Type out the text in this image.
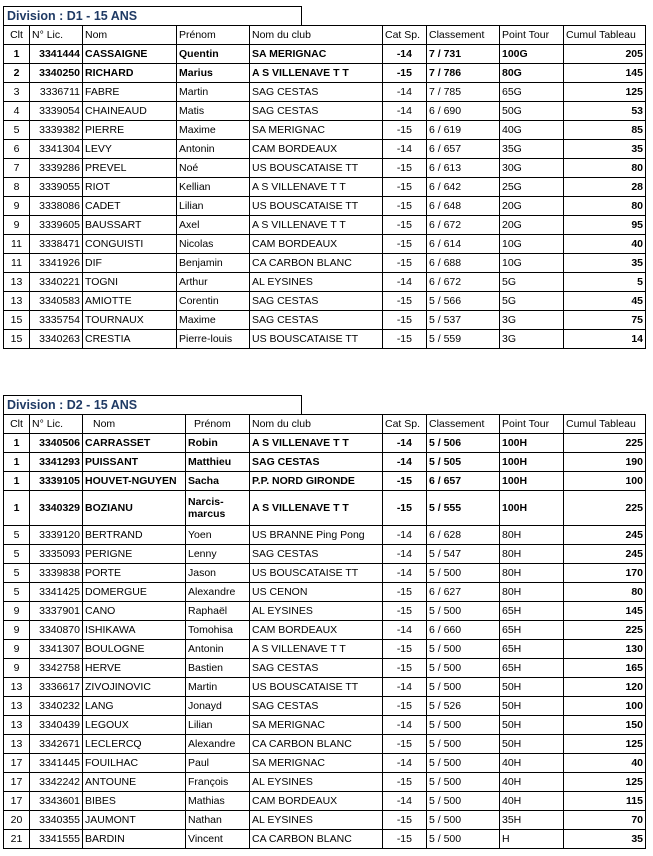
Division : D1 - 15 ANS
Clt	N° Lic.	Nom	Prénom	Nom du club	Cat Sp.	Classement	Point Tour	Cumul Tableau
1	3341444	CASSAIGNE	Quentin	SA MERIGNAC	-14	7 / 731	100G	205
2	3340250	RICHARD	Marius	A S VILLENAVE T T	-15	7 / 786	80G	145
3	3336711	FABRE	Martin	SAG CESTAS	-14	7 / 785	65G	125
4	3339054	CHAINEAUD	Matis	SAG CESTAS	-14	6 / 690	50G	53
5	3339382	PIERRE	Maxime	SA MERIGNAC	-15	6 / 619	40G	85
6	3341304	LEVY	Antonin	CAM BORDEAUX	-14	6 / 657	35G	35
7	3339286	PREVEL	Noé	US BOUSCATAISE TT	-15	6 / 613	30G	80
8	3339055	RIOT	Kellian	A S VILLENAVE T T	-15	6 / 642	25G	28
9	3338086	CADET	Lilian	US BOUSCATAISE TT	-15	6 / 648	20G	80
9	3339605	BAUSSART	Axel	A S VILLENAVE T T	-15	6 / 672	20G	95
11	3338471	CONGUISTI	Nicolas	CAM BORDEAUX	-15	6 / 614	10G	40
11	3341926	DIF	Benjamin	CA CARBON BLANC	-15	6 / 688	10G	35
13	3340221	TOGNI	Arthur	AL EYSINES	-14	6 / 672	5G	5
13	3340583	AMIOTTE	Corentin	SAG CESTAS	-15	5 / 566	5G	45
15	3335754	TOURNAUX	Maxime	SAG CESTAS	-15	5 / 537	3G	75
15	3340263	CRESTIA	Pierre-louis	US BOUSCATAISE TT	-15	5 / 559	3G	14
Division : D2 - 15 ANS
Clt	N° Lic.	Nom	Prénom	Nom du club	Cat Sp.	Classement	Point Tour	Cumul Tableau
1	3340506	CARRASSET	Robin	A S VILLENAVE T T	-14	5 / 506	100H	225
1	3341293	PUISSANT	Matthieu	SAG CESTAS	-14	5 / 505	100H	190
1	3339105	HOUVET-NGUYEN	Sacha	P.P. NORD GIRONDE	-15	6 / 657	100H	100
1	3340329	BOZIANU	Narcis-marcus	A S VILLENAVE T T	-15	5 / 555	100H	225
5	3339120	BERTRAND	Yoen	US BRANNE Ping Pong	-14	6 / 628	80H	245
5	3335093	PERIGNE	Lenny	SAG CESTAS	-14	5 / 547	80H	245
5	3339838	PORTE	Jason	US BOUSCATAISE TT	-14	5 / 500	80H	170
5	3341425	DOMERGUE	Alexandre	US CENON	-15	6 / 627	80H	80
9	3337901	CANO	Raphaël	AL EYSINES	-15	5 / 500	65H	145
9	3340870	ISHIKAWA	Tomohisa	CAM BORDEAUX	-14	6 / 660	65H	225
9	3341307	BOULOGNE	Antonin	A S VILLENAVE T T	-15	5 / 500	65H	130
9	3342758	HERVE	Bastien	SAG CESTAS	-15	5 / 500	65H	165
13	3336617	ZIVOJINOVIC	Martin	US BOUSCATAISE TT	-14	5 / 500	50H	120
13	3340232	LANG	Jonayd	SAG CESTAS	-15	5 / 526	50H	100
13	3340439	LEGOUX	Lilian	SA MERIGNAC	-14	5 / 500	50H	150
13	3342671	LECLERCQ	Alexandre	CA CARBON BLANC	-15	5 / 500	50H	125
17	3341445	FOUILHAC	Paul	SA MERIGNAC	-14	5 / 500	40H	40
17	3342242	ANTOUNE	François	AL EYSINES	-15	5 / 500	40H	125
17	3343601	BIBES	Mathias	CAM BORDEAUX	-14	5 / 500	40H	115
20	3340355	JAUMONT	Nathan	AL EYSINES	-15	5 / 500	35H	70
21	3341555	BARDIN	Vincent	CA CARBON BLANC	-15	5 / 500	H	35
